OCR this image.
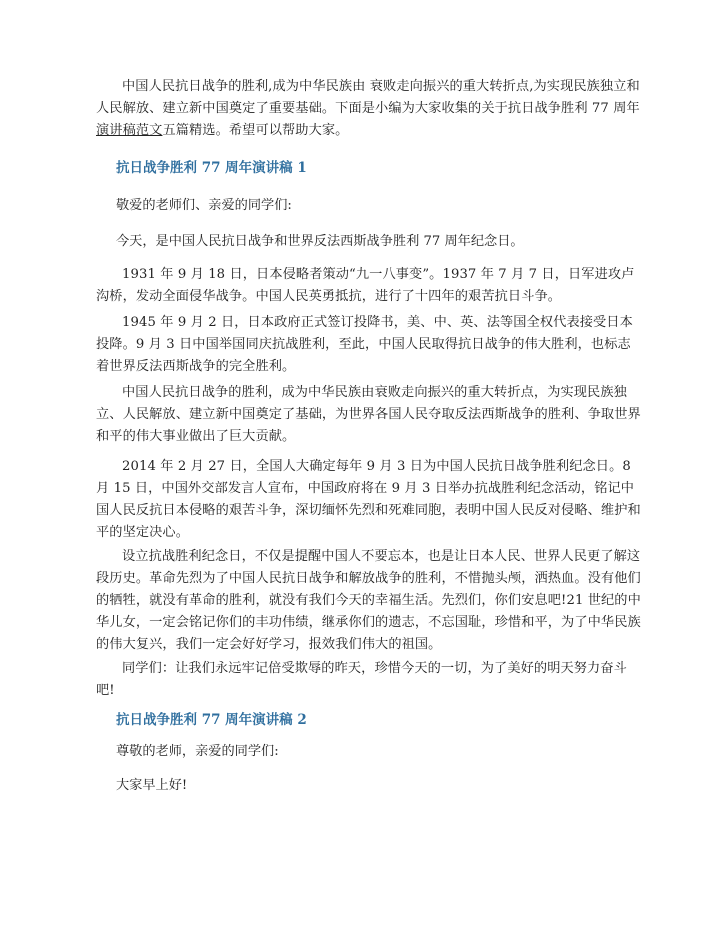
中国人民抗日战争的胜利,成为中华民族由 衰败走向振兴的重大转折点,为实现民族独立和人民解放、建立新中国奠定了重要基础。下面是小编为大家收集的关于抗日战争胜利 77 周年演讲稿范文五篇精选。希望可以帮助大家。

抗日战争胜利 77 周年演讲稿 1

敬爱的老师们、亲爱的同学们:

今天，是中国人民抗日战争和世界反法西斯战争胜利 77 周年纪念日。

1931 年 9 月 18 日，日本侵略者策动“九一八事变”。1937 年 7 月 7 日，日军进攻卢沟桥，发动全面侵华战争。中国人民英勇抵抗，进行了十四年的艰苦抗日斗争。

1945 年 9 月 2 日，日本政府正式签订投降书，美、中、英、法等国全权代表接受日本投降。9 月 3 日中国举国同庆抗战胜利，至此，中国人民取得抗日战争的伟大胜利，也标志着世界反法西斯战争的完全胜利。

中国人民抗日战争的胜利，成为中华民族由衰败走向振兴的重大转折点，为实现民族独立、人民解放、建立新中国奠定了基础，为世界各国人民夺取反法西斯战争的胜利、争取世界和平的伟大事业做出了巨大贡献。

2014 年 2 月 27 日，全国人大确定每年 9 月 3 日为中国人民抗日战争胜利纪念日。8 月 15 日，中国外交部发言人宣布，中国政府将在 9 月 3 日举办抗战胜利纪念活动，铭记中国人民反抗日本侵略的艰苦斗争，深切缅怀先烈和死难同胞，表明中国人民反对侵略、维护和平的坚定决心。

设立抗战胜利纪念日，不仅是提醒中国人不要忘本，也是让日本人民、世界人民更了解这段历史。革命先烈为了中国人民抗日战争和解放战争的胜利，不惜抛头颅，洒热血。没有他们的牺牲，就没有革命的胜利，就没有我们今天的幸福生活。先烈们，你们安息吧!21 世纪的中华儿女，一定会铭记你们的丰功伟绩，继承你们的遗志，不忘国耻，珍惜和平，为了中华民族的伟大复兴，我们一定会好好学习，报效我们伟大的祖国。

同学们：让我们永远牢记倍受欺辱的昨天，珍惜今天的一切，为了美好的明天努力奋斗吧!

抗日战争胜利 77 周年演讲稿 2

尊敬的老师，亲爱的同学们:

大家早上好!
